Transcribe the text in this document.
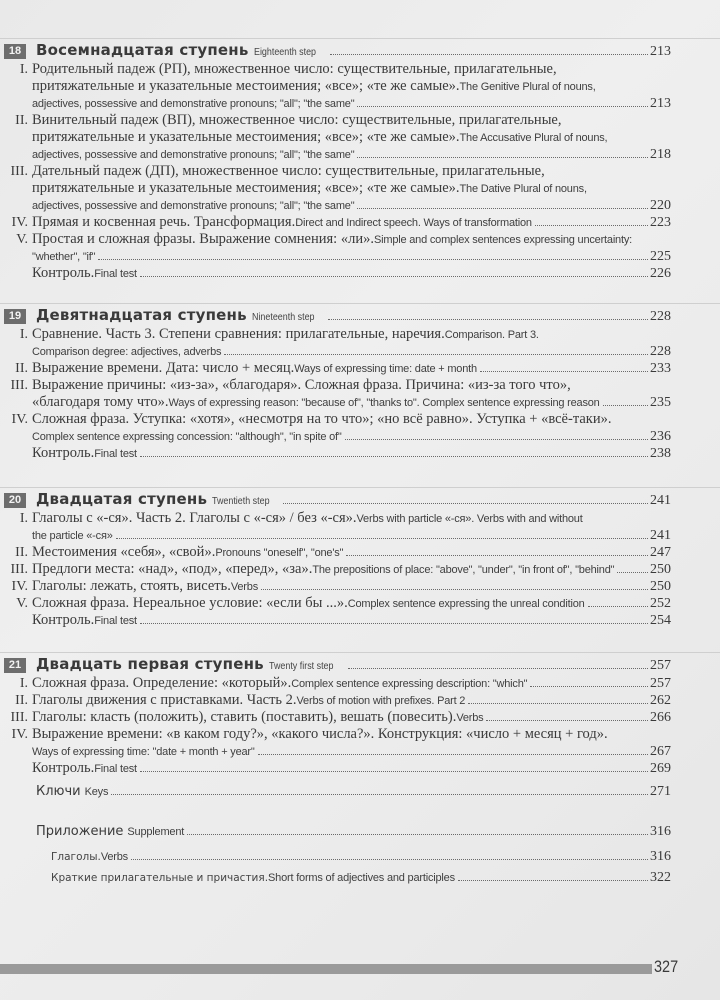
18 Восемнадцатая ступень Eighteenth step	213
I. Родительный падеж (РП), множественное число: существительные, прилагательные,
притяжательные и указательные местоимения; «все»; «те же самые». The Genitive Plural of nouns,
adjectives, possessive and demonstrative pronouns; "all"; "the same"	213
II. Винительный падеж (ВП), множественное число: существительные, прилагательные,
притяжательные и указательные местоимения; «все»; «те же самые». The Accusative Plural of nouns,
adjectives, possessive and demonstrative pronouns; "all"; "the same"	218
III. Дательный падеж (ДП), множественное число: существительные, прилагательные,
притяжательные и указательные местоимения; «все»; «те же самые». The Dative Plural of nouns,
adjectives, possessive and demonstrative pronouns; "all"; "the same"	220
IV. Прямая и косвенная речь. Трансформация. Direct and Indirect speech. Ways of transformation	223
V. Простая и сложная фразы. Выражение сомнения: «ли». Simple and complex sentences expressing uncertainty:
"whether", "if"	225
Контроль. Final test	226
19 Девятнадцатая ступень Nineteenth step	228
I. Сравнение. Часть 3. Степени сравнения: прилагательные, наречия. Comparison. Part 3.
Comparison degree: adjectives, adverbs	228
II. Выражение времени. Дата: число + месяц. Ways of expressing time: date + month	233
III. Выражение причины: «из-за», «благодаря». Сложная фраза. Причина: «из-за того что»,
«благодаря тому что». Ways of expressing reason: "because of", "thanks to". Complex sentence expressing reason	235
IV. Сложная фраза. Уступка: «хотя», «несмотря на то что»; «но всё равно». Уступка + «всё-таки».
Complex sentence expressing concession: "although", "in spite of"	236
Контроль. Final test	238
20 Двадцатая ступень Twentieth step	241
I. Глаголы с «-ся». Часть 2. Глаголы с «-ся» / без «-ся». Verbs with particle «-ся». Verbs with and without
the particle «-ся»	241
II. Местоимения «себя», «свой». Pronouns "oneself", "one's"	247
III. Предлоги места: «над», «под», «перед», «за». The prepositions of place: "above", "under", "in front of", "behind"	250
IV. Глаголы: лежать, стоять, висеть. Verbs	250
V. Сложная фраза. Нереальное условие: «если бы ...». Complex sentence expressing the unreal condition	252
Контроль. Final test	254
21 Двадцать первая ступень Twenty first step	257
I. Сложная фраза. Определение: «который». Complex sentence expressing description: "which"	257
II. Глаголы движения с приставками. Часть 2. Verbs of motion with prefixes. Part 2	262
III. Глаголы: класть (положить), ставить (поставить), вешать (повесить). Verbs	266
IV. Выражение времени: «в каком году?», «какого числа?». Конструкция: «число + месяц + год».
Ways of expressing time: "date + month + year"	267
Контроль. Final test	269
Ключи Keys	271
Приложение Supplement	316
Глаголы. Verbs	316
Краткие прилагательные и причастия. Short forms of adjectives and participles	322
327
